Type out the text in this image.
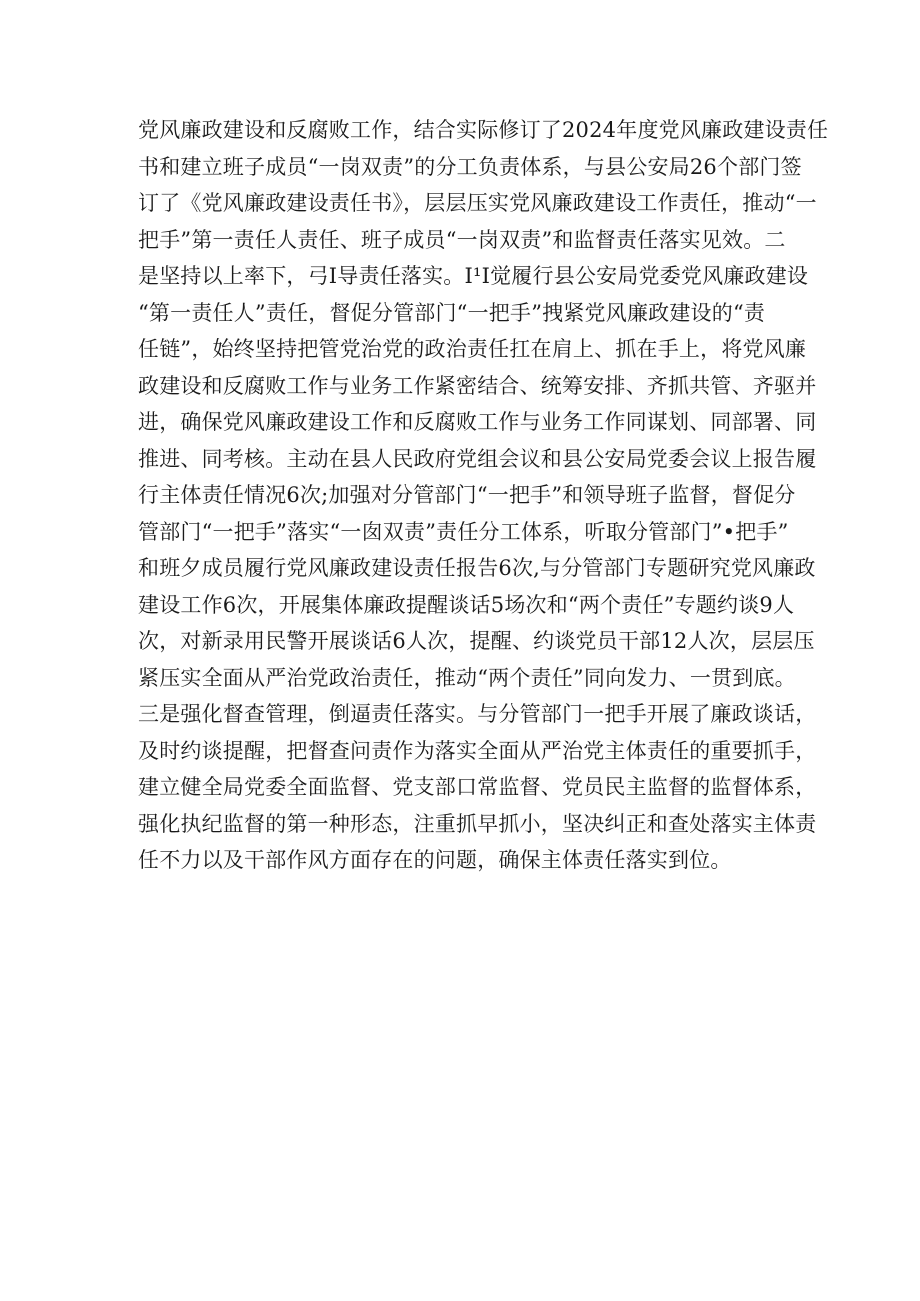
党风廉政建设和反腐败工作，结合实际修订了2024年度党风廉政建设责任
书和建立班子成员“一岗双责”的分工负责体系，与县公安局26个部门签
订了《党风廉政建设责任书》，层层压实党风廉政建设工作责任，推动“一
把手”第一责任人责任、班子成员“一岗双责”和监督责任落实见效。二
是坚持以上率下，弓I导责任落实。I¹I觉履行县公安局党委党风廉政建设
“第一责任人”责任，督促分管部门“一把手”拽紧党风廉政建设的“责
任链”，始终坚持把管党治党的政治责任扛在肩上、抓在手上，将党风廉
政建设和反腐败工作与业务工作紧密结合、统筹安排、齐抓共管、齐驱并
进，确保党风廉政建设工作和反腐败工作与业务工作同谋划、同部署、同
推进、同考核。主动在县人民政府党组会议和县公安局党委会议上报告履
行主体责任情况6次;加强对分管部门“一把手”和领导班子监督，督促分
管部门“一把手”落实“一囱双责”责任分工体系，听取分管部门”•把手”
和班夕成员履行党风廉政建设责任报告6次,与分管部门专题研究党风廉政
建设工作6次，开展集体廉政提醒谈话5场次和“两个责任”专题约谈9人
次，对新录用民警开展谈话6人次，提醒、约谈党员干部12人次，层层压
紧压实全面从严治党政治责任，推动“两个责任”同向发力、一贯到底。
三是强化督查管理，倒逼责任落实。与分管部门一把手开展了廉政谈话，
及时约谈提醒，把督查问责作为落实全面从严治党主体责任的重要抓手，
建立健全局党委全面监督、党支部口常监督、党员民主监督的监督体系，
强化执纪监督的第一种形态，注重抓早抓小，坚决纠正和查处落实主体责
任不力以及干部作风方面存在的问题，确保主体责任落实到位。
